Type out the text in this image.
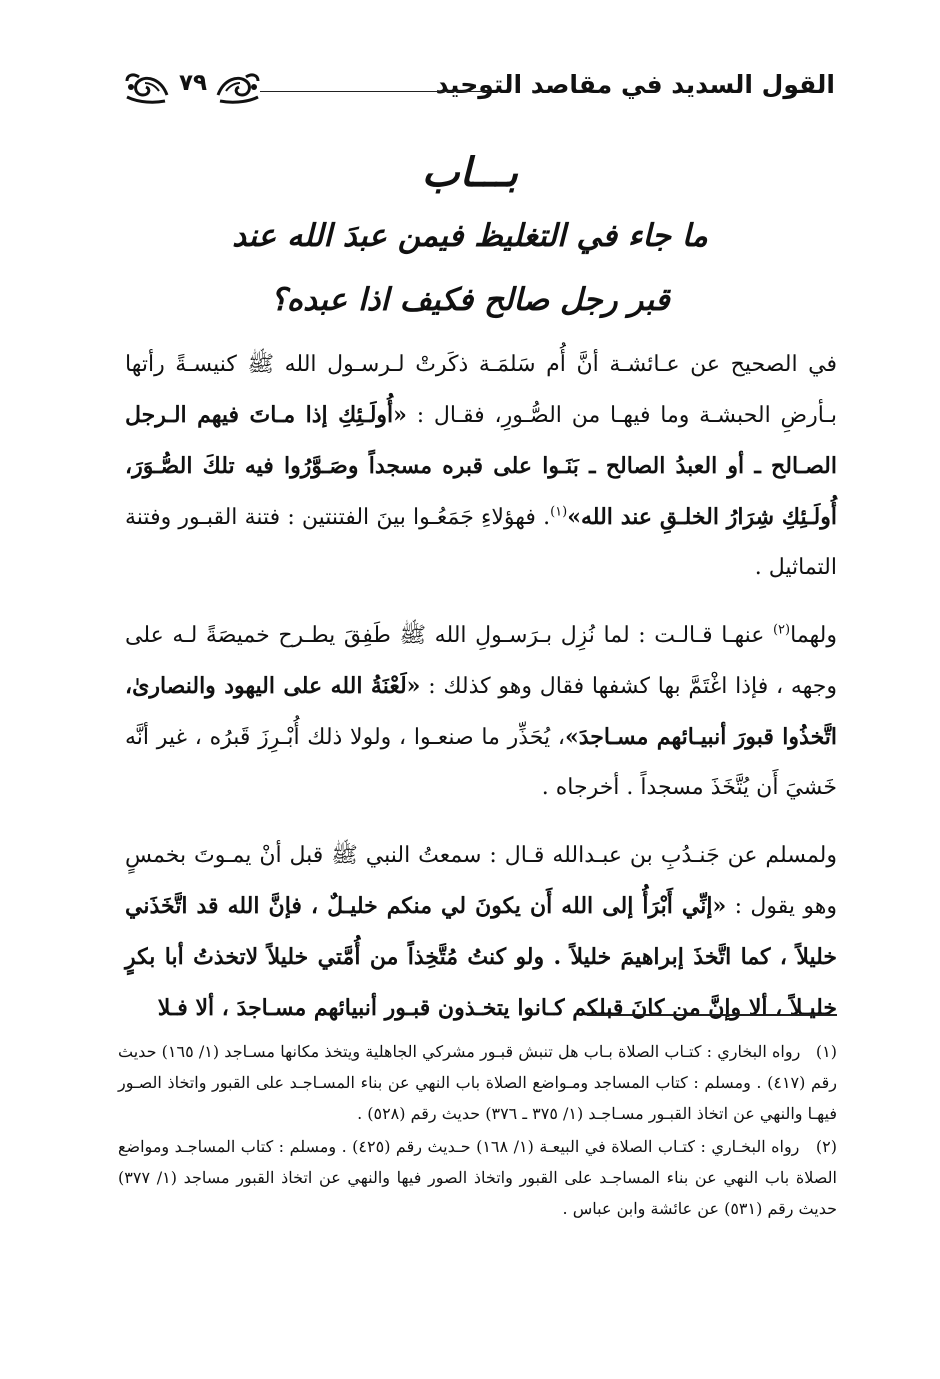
القول السديد في مقاصد التوحيد
٧٩
بـــاب
ما جاء في التغليظ فيمن عبدَ الله عند
قبر رجل صالح فكيف اذا عبده؟

في الصحيح عن عـائشـة أنَّ أُم سَلمَـة ذكَرتْ لـرسـول الله ﷺ كنيسـةً رأتها بـأرضِ الحبشـة وما فيهـا من الصُّـورِ، فقـال : «أُولَـئِكِ إذا مـاتَ فيهم الـرجل الصـالح ـ أو العبدُ الصالح ـ بَنَـوا على قبره مسجداً وصَـوَّرُوا فيه تلكَ الصُّـوَرَ، أُولَـئِكِ شِرَارُ الخلـقِ عند الله»$^{(١)}$. فهؤلاءِ جَمَعُـوا بينَ الفتنتين : فتنة القبـور وفتنة التماثيل .

ولهما$^{(٢)}$ عنهـا قـالـت : لما نُزِل بـرَسـولِ الله ﷺ طَفِقَ يطـرح خميصَةً لـه على وجهه ، فإذا اغْتَمَّ بها كشفها فقال وهو كذلك : «لَعْنَةُ الله على اليهود والنصارىٰ، اتَّخذُوا قبورَ أنبيـائهم مسـاجدَ»، يُحَذِّر ما صنعـوا ، ولولا ذلك أُبْـرِزَ قَبرُه ، غير أنَّه خَشيَ أَن يُتَّخَذَ مسجداً . أخرجاه .

ولمسلم عن جَنـدُبِ بن عبـدالله قـال : سمعتُ النبي ﷺ قبل أنْ يمـوتَ بخمسٍ وهو يقول : «إنِّي أَبْرَأُ إلى الله أَن يكونَ لي منكم خليـلٌ ، فإنَّ الله قد اتَّخَذَني خليلاً ، كما اتَّخذَ إبراهيمَ خليلاً . ولو كنتُ مُتَّخِذاً من أُمَّتي خليلاً لاتخذتُ أبا بكرٍ خليـلاً ، ألا وإنَّ من كانَ قبلكم كـانوا يتخـذون قبـور أنبيائهم مسـاجدَ ، ألا فـلا

(١)   رواه البخاري : كتـاب الصلاة بـاب هل تنبش قبـور مشركي الجاهلية ويتخذ مكانها مسـاجد (١/ ١٦٥) حديث رقم (٤١٧) . ومسلم : كتاب المساجد ومـواضع الصلاة باب النهي عن بناء المسـاجـد على القبور واتخاذ الصـور فيهـا والنهي عن اتخاذ القبـور مسـاجـد (١/ ٣٧٥ ـ ٣٧٦) حديث رقم (٥٢٨) .

(٢)   رواه البخـاري : كتـاب الصلاة في البيعـة (١/ ١٦٨) حـديث رقم (٤٢٥) . ومسلم : كتاب المساجـد ومواضع الصلاة باب النهي عن بناء المساجـد على القبور واتخاذ الصور فيها والنهي عن اتخاذ القبور مساجد (١/ ٣٧٧) حديث رقم (٥٣١) عن عائشة وابن عباس .
